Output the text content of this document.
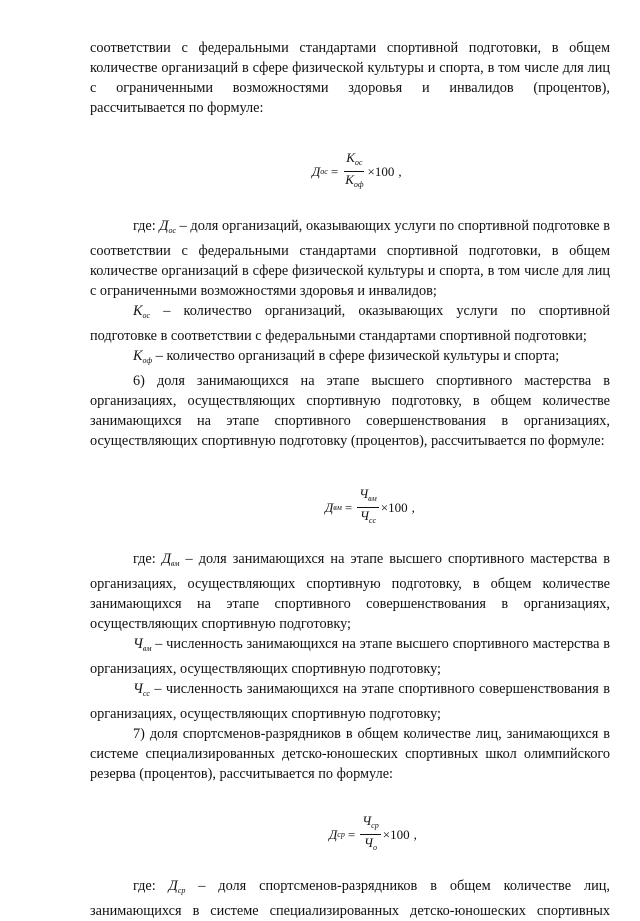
соответствии с федеральными стандартами спортивной подготовки, в общем количестве организаций в сфере физической культуры и спорта, в том числе для лиц с ограниченными возможностями здоровья и инвалидов (процентов), рассчитывается по формуле:

Д ос = $\frac{К_{ос}}{К_{оф}} \times 100$ ,

где: $Д_{ос}$ – доля организаций, оказывающих услуги по спортивной подготовке в соответствии с федеральными стандартами спортивной подготовки, в общем количестве организаций в сфере физической культуры и спорта, в том числе для лиц с ограниченными возможностями здоровья и инвалидов;

$К_{ос}$ – количество организаций, оказывающих услуги по спортивной подготовке в соответствии с федеральными стандартами спортивной подготовки;

$К_{оф}$ – количество организаций в сфере физической культуры и спорта;

6) доля занимающихся на этапе высшего спортивного мастерства в организациях, осуществляющих спортивную подготовку, в общем количестве занимающихся на этапе спортивного совершенствования в организациях, осуществляющих спортивную подготовку (процентов), рассчитывается по формуле:

Д вм = $\frac{Ч_{вм}}{Ч_{сс}} \times 100$ ,

где: $Д_{вм}$ – доля занимающихся на этапе высшего спортивного мастерства в организациях, осуществляющих спортивную подготовку, в общем количестве занимающихся на этапе спортивного совершенствования в организациях, осуществляющих спортивную подготовку;

$Ч_{вм}$ – численность занимающихся на этапе высшего спортивного мастерства в организациях, осуществляющих спортивную подготовку;

$Ч_{сс}$ – численность занимающихся на этапе спортивного совершенствования в организациях, осуществляющих спортивную подготовку;

7) доля спортсменов-разрядников в общем количестве лиц, занимающихся в системе специализированных детско-юношеских спортивных школ олимпийского резерва (процентов), рассчитывается по формуле:

Д ср = $\frac{Ч_{ср}}{Ч_о} \times 100$ ,

где: $Д_{ср}$ – доля спортсменов-разрядников в общем количестве лиц, занимающихся в системе специализированных детско-юношеских спортивных
